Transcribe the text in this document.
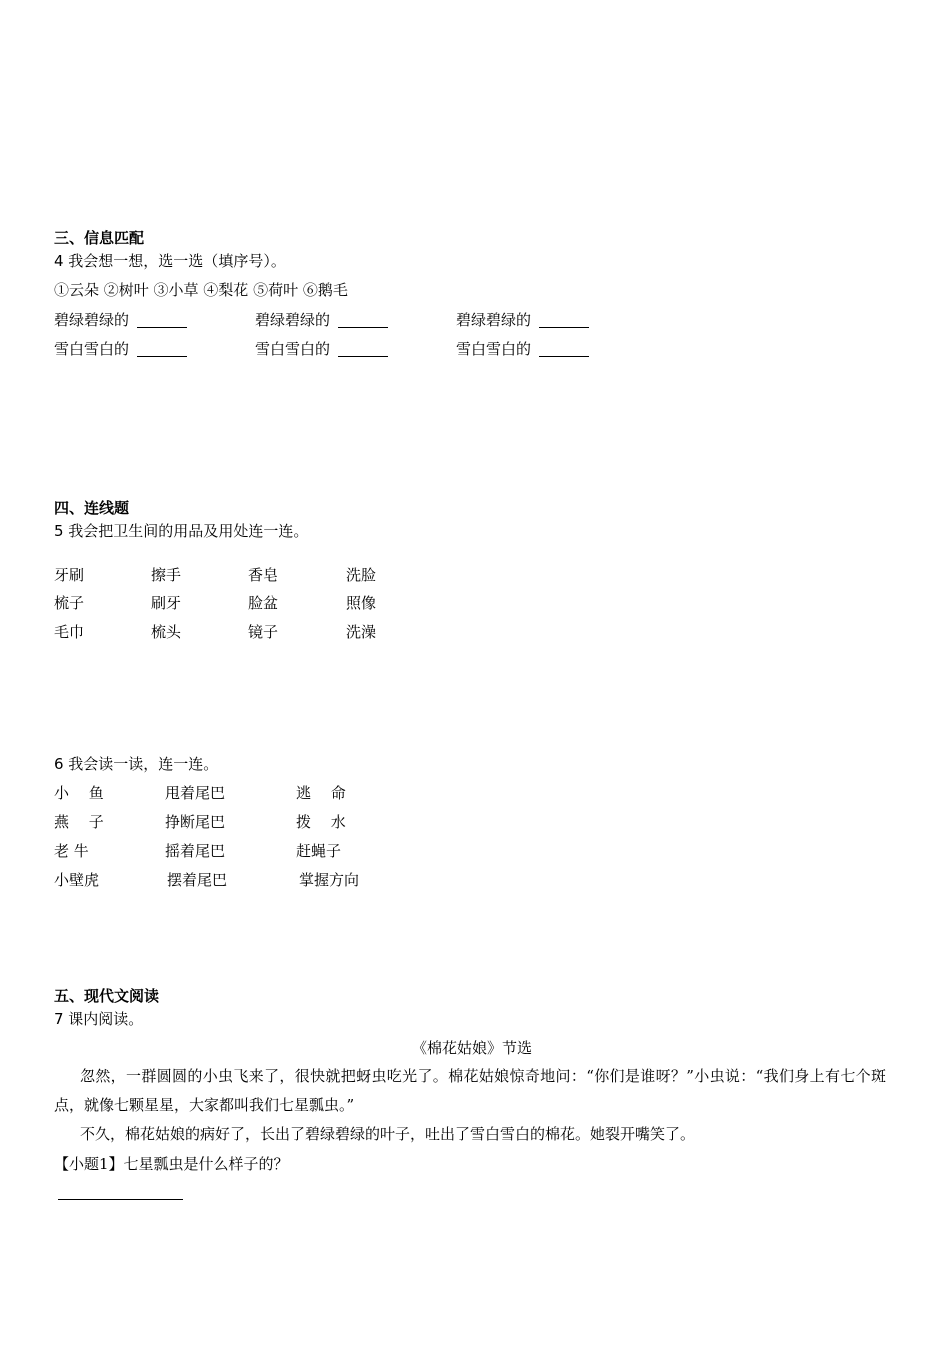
三、信息匹配
4 我会想一想，选一选（填序号）。
①云朵 ②树叶 ③小草 ④梨花 ⑤荷叶 ⑥鹅毛
碧绿碧绿的	碧绿碧绿的	碧绿碧绿的
雪白雪白的	雪白雪白的	雪白雪白的
四、连线题
5 我会把卫生间的用品及用处连一连。
牙刷	擦手	香皂	洗脸
梳子	刷牙	脸盆	照像
毛巾	梳头	镜子	洗澡
6 我会读一读，连一连。
小　 鱼	甩着尾巴	逃　 命
燕　 子	挣断尾巴	拨　 水
老 牛	摇着尾巴	赶蝇子
小壁虎	摆着尾巴	掌握方向
五、现代文阅读
7 课内阅读。
《棉花姑娘》节选
忽然，一群圆圆的小虫飞来了，很快就把蚜虫吃光了。棉花姑娘惊奇地问：“你们是谁呀？”小虫说：“我们身上有七个斑点，就像七颗星星，大家都叫我们七星瓢虫。”
不久，棉花姑娘的病好了，长出了碧绿碧绿的叶子，吐出了雪白雪白的棉花。她裂开嘴笑了。
【小题1】七星瓢虫是什么样子的？
